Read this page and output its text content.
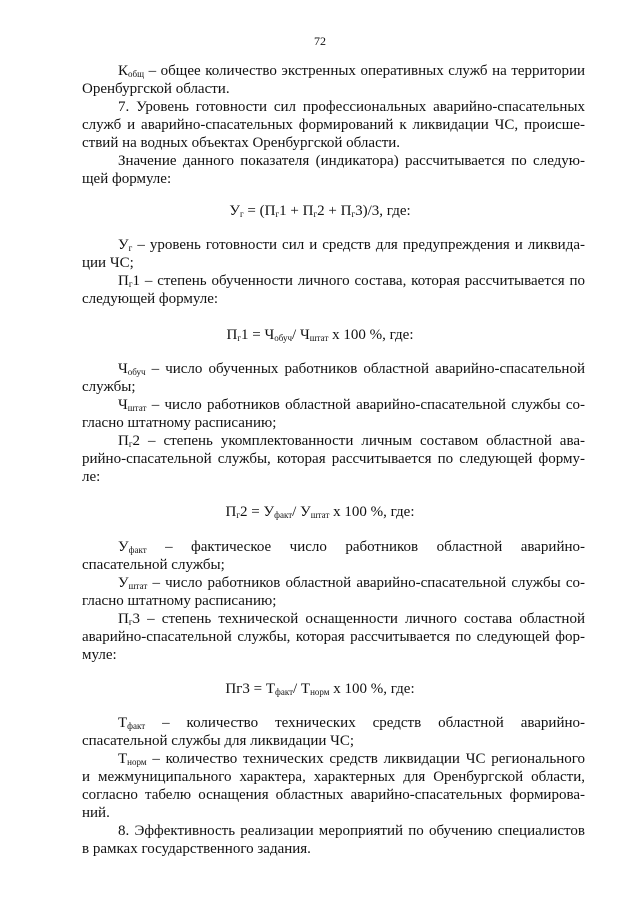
72
$К_{общ}$ – общее количество экстренных оперативных служб на территории
Оренбургской области.
7. Уровень готовности сил профессиональных аварийно-спасательных
служб и аварийно-спасательных формирований к ликвидации ЧС, происше-
ствий на водных объектах Оренбургской области.
Значение данного показателя (индикатора) рассчитывается по следую-
щей формуле:
$У_г = (П_г1 + П_г2 + П_г3)/3$, где:
$У_г$ – уровень готовности сил и средств для предупреждения и ликвида-
ции ЧС;
$П_г1$ – степень обученности личного состава, которая рассчитывается по
следующей формуле:
$П_г1 = Ч_{обуч}/$ $Ч_{штат}$ х 100 %, где:
$Ч_{обуч}$ – число обученных работников областной аварийно-спасательной
службы;
$Ч_{штат}$ – число работников областной аварийно-спасательной службы со-
гласно штатному расписанию;
$П_г2$ – степень укомплектованности личным составом областной ава-
рийно-спасательной службы, которая рассчитывается по следующей форму-
ле:
$П_г2 = У_{факт}/$ $У_{штат}$ х 100 %, где:
$У_{факт}$ – фактическое число работников областной аварийно-
спасательной службы;
$У_{штат}$ – число работников областной аварийно-спасательной службы со-
гласно штатному расписанию;
$П_г3$ – степень технической оснащенности личного состава областной
аварийно-спасательной службы, которая рассчитывается по следующей фор-
муле:
$Пг3 = Т_{факт}/$ $Т_{норм}$ х 100 %, где:
$Т_{факт}$ – количество технических средств областной аварийно-
спасательной службы для ликвидации ЧС;
$Т_{норм}$ – количество технических средств ликвидации ЧС регионального
и межмуниципального характера, характерных для Оренбургской области,
согласно табелю оснащения областных аварийно-спасательных формирова-
ний.
8. Эффективность реализации мероприятий по обучению специалистов
в рамках государственного задания.
